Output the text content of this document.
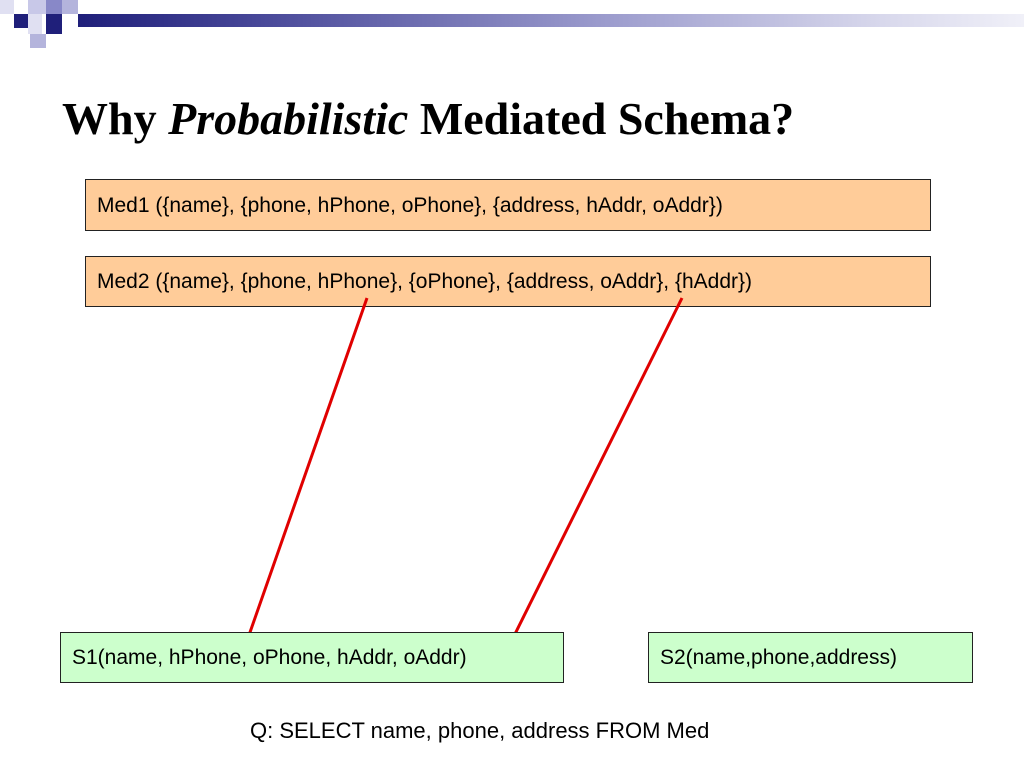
Why Probabilistic Mediated Schema?
Med1 ({name}, {phone, hPhone, oPhone}, {address, hAddr, oAddr})
Med2 ({name}, {phone, hPhone}, {oPhone}, {address, oAddr}, {hAddr})
S1(name, hPhone, oPhone, hAddr, oAddr)	S2(name,phone,address)
Q: SELECT name, phone, address FROM Med
